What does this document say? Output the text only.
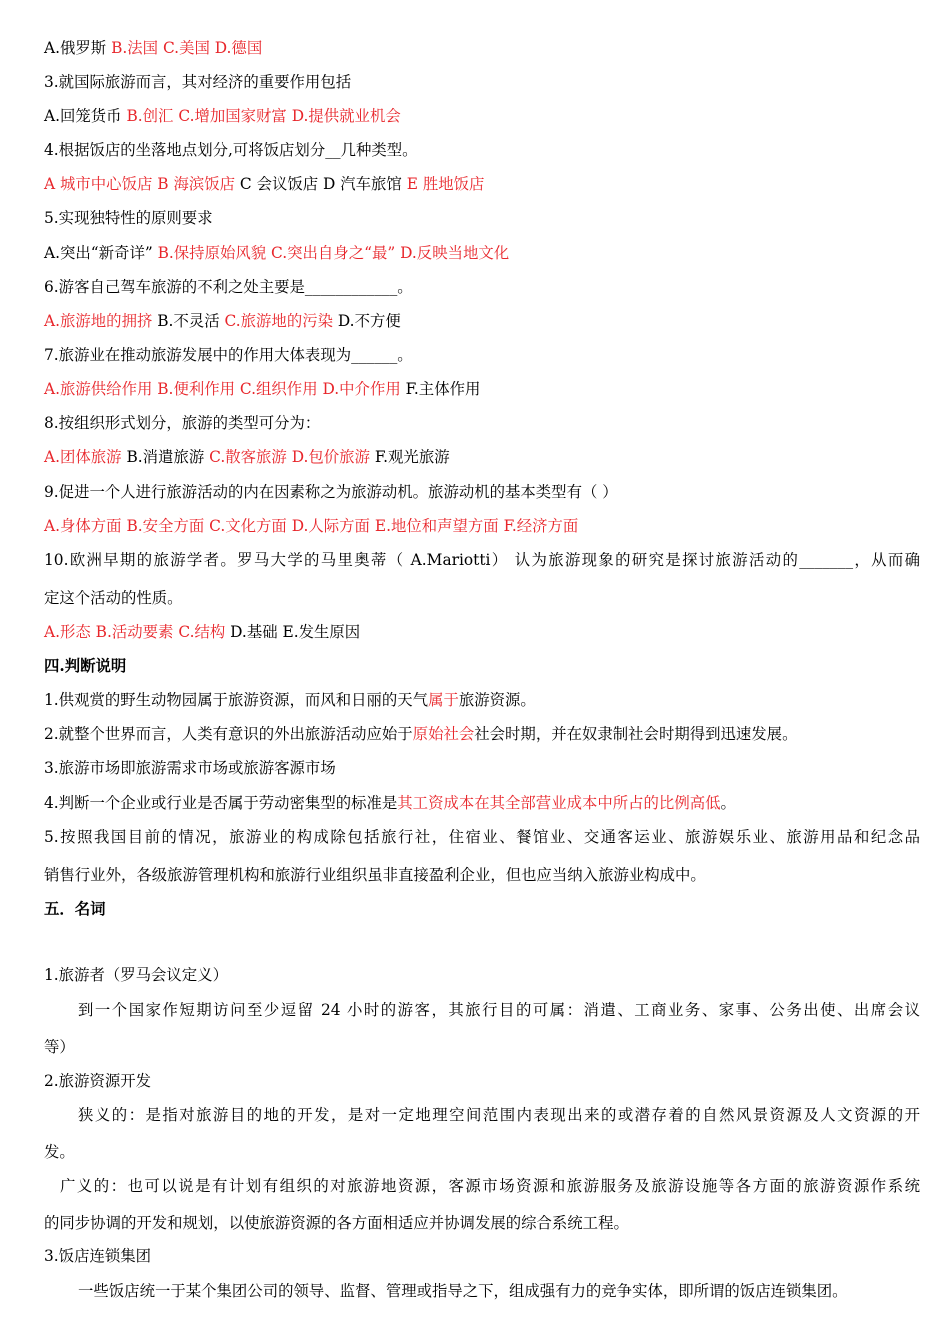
A.俄罗斯 B.法国 C.美国 D.德国
3.就国际旅游而言，其对经济的重要作用包括
A.回笼货币 B.创汇 C.增加国家财富 D.提供就业机会
4.根据饭店的坐落地点划分,可将饭店划分__几种类型。
A 城市中心饭店 B 海滨饭店 C 会议饭店 D 汽车旅馆 E 胜地饭店
5.实现独特性的原则要求
A.突出“新奇详” B.保持原始风貌 C.突出自身之“最” D.反映当地文化
6.游客自己驾车旅游的不利之处主要是____________。
A.旅游地的拥挤 B.不灵活 C.旅游地的污染 D.不方便
7.旅游业在推动旅游发展中的作用大体表现为______。
A.旅游供给作用 B.便利作用 C.组织作用 D.中介作用 F.主体作用
8.按组织形式划分，旅游的类型可分为：
A.团体旅游 B.消遣旅游 C.散客旅游 D.包价旅游 F.观光旅游
9.促进一个人进行旅游活动的内在因素称之为旅游动机。旅游动机的基本类型有（ ）
A.身体方面 B.安全方面 C.文化方面 D.人际方面 E.地位和声望方面 F.经济方面
10.欧洲早期的旅游学者。罗马大学的马里奥蒂（ A.Mariotti） 认为旅游现象的研究是探讨旅游活动的_______，从而确
定这个活动的性质。
A.形态 B.活动要素 C.结构 D.基础 E.发生原因
四.判断说明
1.供观赏的野生动物园属于旅游资源，而风和日丽的天气属于旅游资源。
2.就整个世界而言，人类有意识的外出旅游活动应始于原始社会社会时期，并在奴隶制社会时期得到迅速发展。
3.旅游市场即旅游需求市场或旅游客源市场
4.判断一个企业或行业是否属于劳动密集型的标准是其工资成本在其全部营业成本中所占的比例高低。
5.按照我国目前的情况，旅游业的构成除包括旅行社，住宿业、餐馆业、交通客运业、旅游娱乐业、旅游用品和纪念品
销售行业外，各级旅游管理机构和旅游行业组织虽非直接盈利企业，但也应当纳入旅游业构成中。
五．名词
1.旅游者（罗马会议定义）
到一个国家作短期访问至少逗留 24 小时的游客，其旅行目的可属：消遣、工商业务、家事、公务出使、出席会议
等）
2.旅游资源开发
狭义的：是指对旅游目的地的开发，是对一定地理空间范围内表现出来的或潜存着的自然风景资源及人文资源的开
发。
广义的：也可以说是有计划有组织的对旅游地资源，客源市场资源和旅游服务及旅游设施等各方面的旅游资源作系统
的同步协调的开发和规划，以使旅游资源的各方面相适应并协调发展的综合系统工程。
3.饭店连锁集团
一些饭店统一于某个集团公司的领导、监督、管理或指导之下，组成强有力的竞争实体，即所谓的饭店连锁集团。
